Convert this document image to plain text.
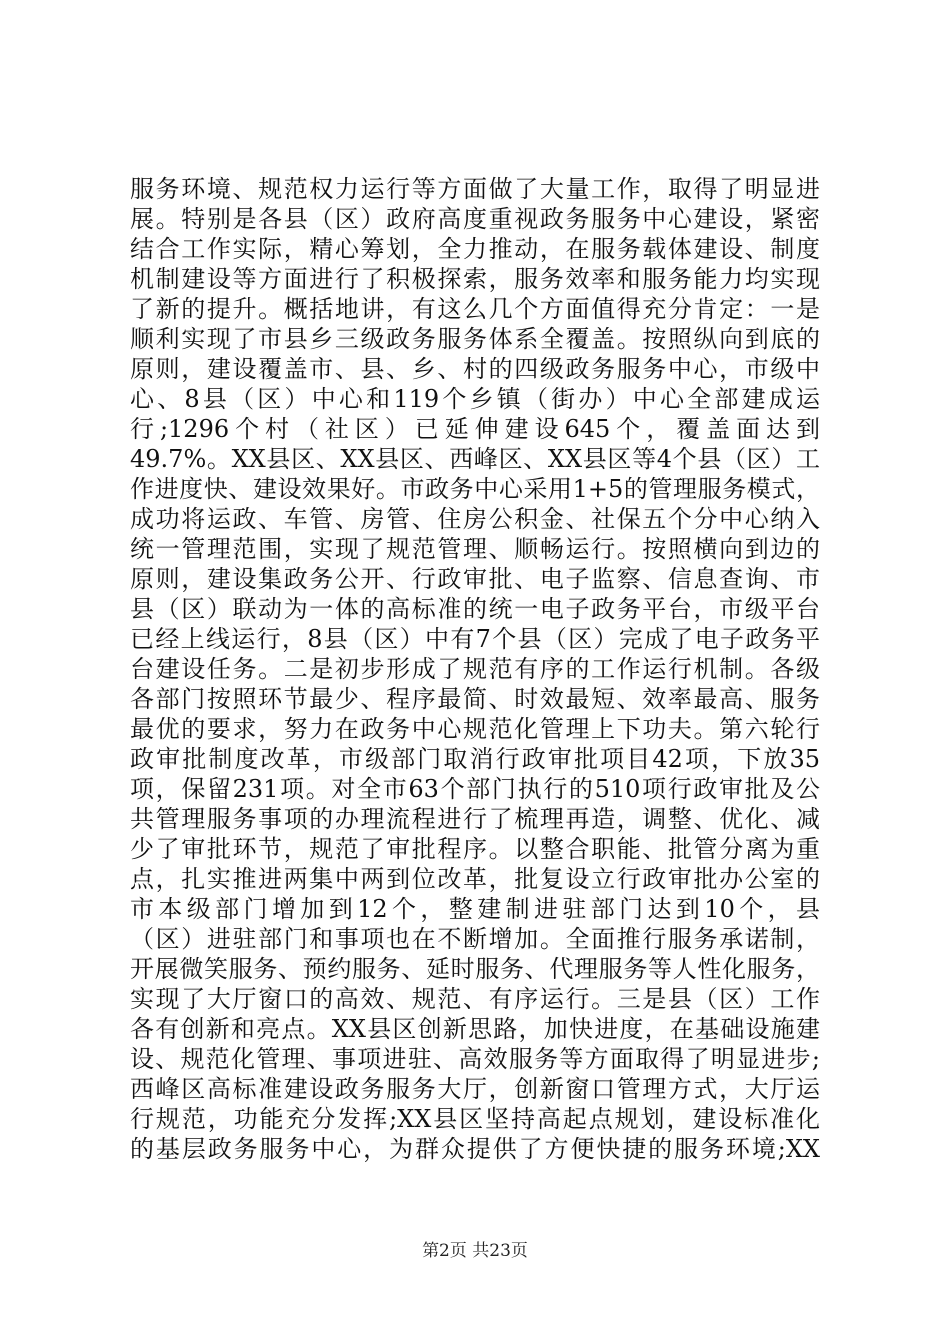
服务环境、规范权力运行等方面做了大量工作，取得了明显进
展。特别是各县（区）政府高度重视政务服务中心建设，紧密
结合工作实际，精心筹划，全力推动，在服务载体建设、制度
机制建设等方面进行了积极探索，服务效率和服务能力均实现
了新的提升。概括地讲，有这么几个方面值得充分肯定：一是
顺利实现了市县乡三级政务服务体系全覆盖。按照纵向到底的
原则，建设覆盖市、县、乡、村的四级政务服务中心，市级中
心、8县（区）中心和119个乡镇（街办）中心全部建成运
行;1296个村（社区）已延伸建设645个，覆盖面达到
49.7%。XX县区、XX县区、西峰区、XX县区等4个县（区）工
作进度快、建设效果好。市政务中心采用1+5的管理服务模式，
成功将运政、车管、房管、住房公积金、社保五个分中心纳入
统一管理范围，实现了规范管理、顺畅运行。按照横向到边的
原则，建设集政务公开、行政审批、电子监察、信息查询、市
县（区）联动为一体的高标准的统一电子政务平台，市级平台
已经上线运行，8县（区）中有7个县（区）完成了电子政务平
台建设任务。二是初步形成了规范有序的工作运行机制。各级
各部门按照环节最少、程序最简、时效最短、效率最高、服务
最优的要求，努力在政务中心规范化管理上下功夫。第六轮行
政审批制度改革，市级部门取消行政审批项目42项，下放35
项，保留231项。对全市63个部门执行的510项行政审批及公
共管理服务事项的办理流程进行了梳理再造，调整、优化、减
少了审批环节，规范了审批程序。以整合职能、批管分离为重
点，扎实推进两集中两到位改革，批复设立行政审批办公室的
市本级部门增加到12个，整建制进驻部门达到10个，县
（区）进驻部门和事项也在不断增加。全面推行服务承诺制，
开展微笑服务、预约服务、延时服务、代理服务等人性化服务，
实现了大厅窗口的高效、规范、有序运行。三是县（区）工作
各有创新和亮点。XX县区创新思路，加快进度，在基础设施建
设、规范化管理、事项进驻、高效服务等方面取得了明显进步;
西峰区高标准建设政务服务大厅，创新窗口管理方式，大厅运
行规范，功能充分发挥;XX县区坚持高起点规划，建设标准化
的基层政务服务中心，为群众提供了方便快捷的服务环境;XX
第2页 共23页
